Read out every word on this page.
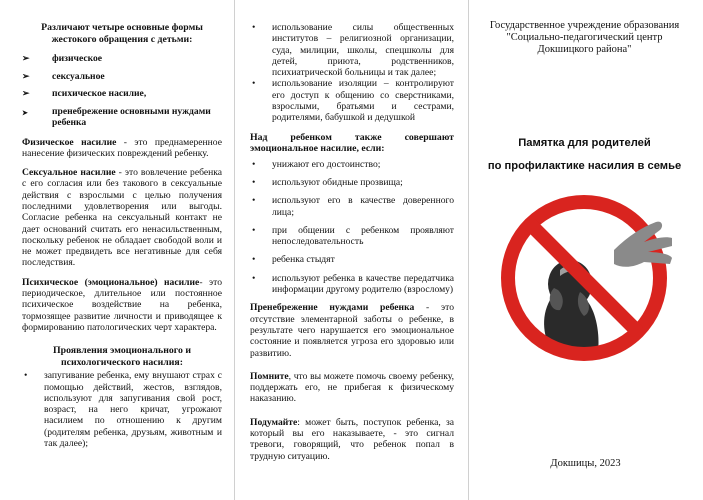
Различают четыре основные формы жестокого обращения с детьми:

➢ физическое
➢ сексуальное
➢ психическое насилие,
➤	пренебрежение основными нуждами ребенка

Физическое насилие - это преднамеренное нанесение физических повреждений ребенку.

Сексуальное насилие - это вовлечение ребенка с его согласия или без такового в сексуальные действия с взрослыми с целью получения последними удовлетворения или выгоды. Согласие ребенка на сексуальный контакт не дает оснований считать его ненасильственным, поскольку ребенок не обладает свободой воли и не может предвидеть все негативные для себя последствия.

Психическое (эмоциональное) насилие- это периодическое, длительное или постоянное психическое воздействие на ребенка, тормозящее развитие личности и приводящее к формированию патологических черт характера.

Проявления эмоционального и психологического насилия:

• запугивание ребенка, ему внушают страх с помощью действий, жестов, взглядов, используют для запугивания свой рост, возраст, на него кричат, угрожают насилием по отношению к другим (родителям ребенка, друзьям, животным и так далее);
• использование силы общественных институтов – религиозной организации, суда, милиции, школы, спецшколы для детей, приюта, родственников, психиатрической больницы и так далее;
• использование изоляции – контролируют его доступ к общению со сверстниками, взрослыми, братьями и сестрами, родителями, бабушкой и дедушкой

Над ребенком также совершают эмоциональное насилие, если:

• унижают его достоинство;
• используют обидные прозвища;
• используют его в качестве доверенного лица;
• при общении с ребенком проявляют непоследовательность
• ребенка стыдят
• используют ребенка в качестве передатчика информации другому родителю (взрослому)

Пренебрежение нуждами ребенка - это отсутствие элементарной заботы о ребенке, в результате чего нарушается его эмоциональное состояние и появляется угроза его здоровью или развитию.

Помните, что вы можете помочь своему ребенку, поддержать его, не прибегая к физическому наказанию.

Подумайте: может быть, поступок ребенка, за который вы его наказываете, - это сигнал тревоги, говорящий, что ребенок попал в трудную ситуацию.

Государственное учреждение образования
"Социально-педагогический центр
Докшицкого района"
Памятка для родителей
по профилактике насилия в семье
Докшицы, 2023
